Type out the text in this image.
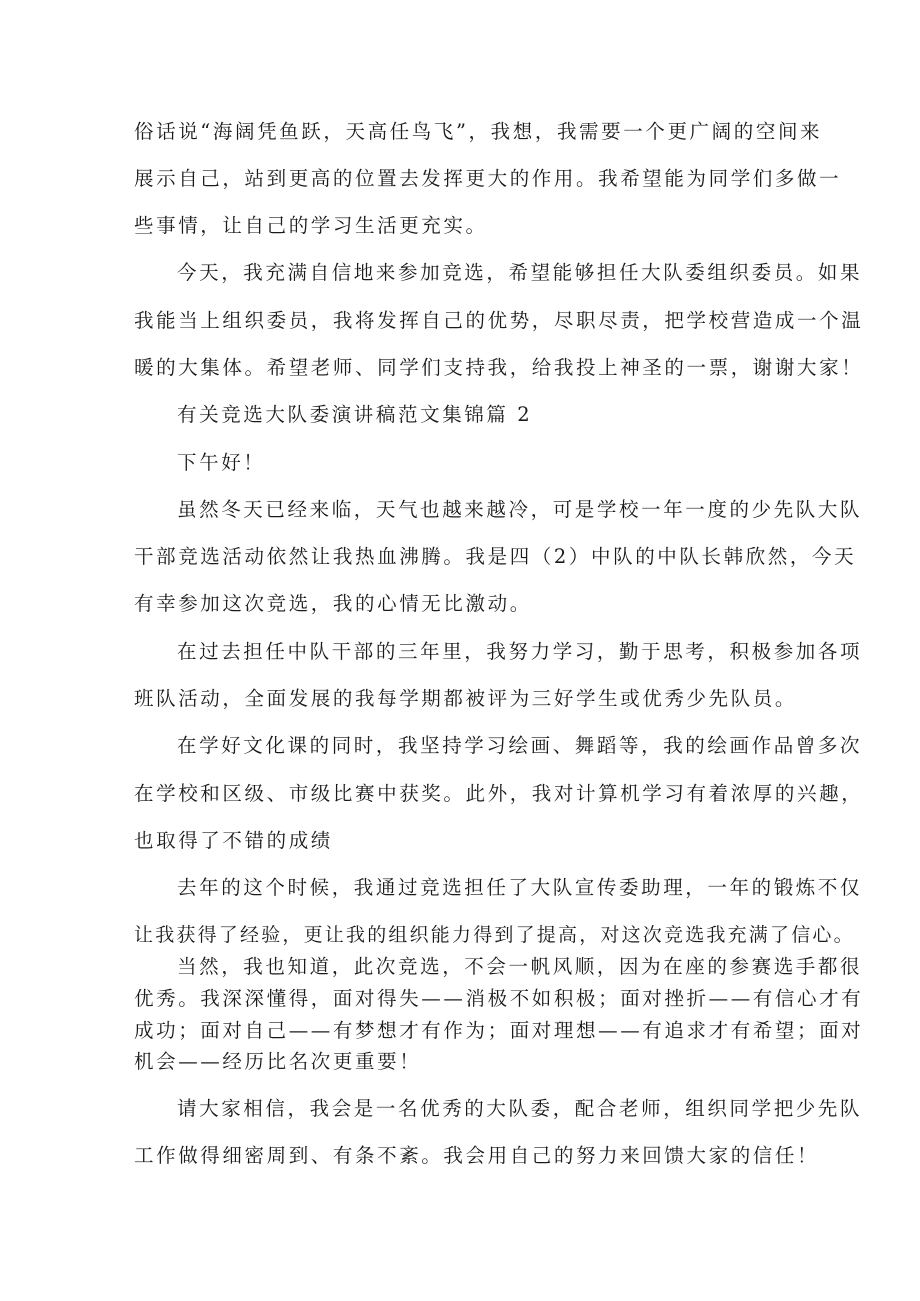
俗话说“海阔凭鱼跃，天高任鸟飞”，我想，我需要一个更广阔的空间来
展示自己，站到更高的位置去发挥更大的作用。我希望能为同学们多做一
些事情，让自己的学习生活更充实。
今天，我充满自信地来参加竞选，希望能够担任大队委组织委员。如果
我能当上组织委员，我将发挥自己的优势，尽职尽责，把学校营造成一个温
暖的大集体。希望老师、同学们支持我，给我投上神圣的一票，谢谢大家！
有关竞选大队委演讲稿范文集锦篇 2
下午好！
虽然冬天已经来临，天气也越来越冷，可是学校一年一度的少先队大队
干部竞选活动依然让我热血沸腾。我是四（2）中队的中队长韩欣然，今天
有幸参加这次竞选，我的心情无比激动。
在过去担任中队干部的三年里，我努力学习，勤于思考，积极参加各项
班队活动，全面发展的我每学期都被评为三好学生或优秀少先队员。
在学好文化课的同时，我坚持学习绘画、舞蹈等，我的绘画作品曾多次
在学校和区级、市级比赛中获奖。此外，我对计算机学习有着浓厚的兴趣，
也取得了不错的成绩
去年的这个时候，我通过竞选担任了大队宣传委助理，一年的锻炼不仅
让我获得了经验，更让我的组织能力得到了提高，对这次竞选我充满了信心。
当然，我也知道，此次竞选，不会一帆风顺，因为在座的参赛选手都很
优秀。我深深懂得，面对得失——消极不如积极；面对挫折——有信心才有
成功；面对自己——有梦想才有作为；面对理想——有追求才有希望；面对
机会——经历比名次更重要！
请大家相信，我会是一名优秀的大队委，配合老师，组织同学把少先队
工作做得细密周到、有条不紊。我会用自己的努力来回馈大家的信任！
